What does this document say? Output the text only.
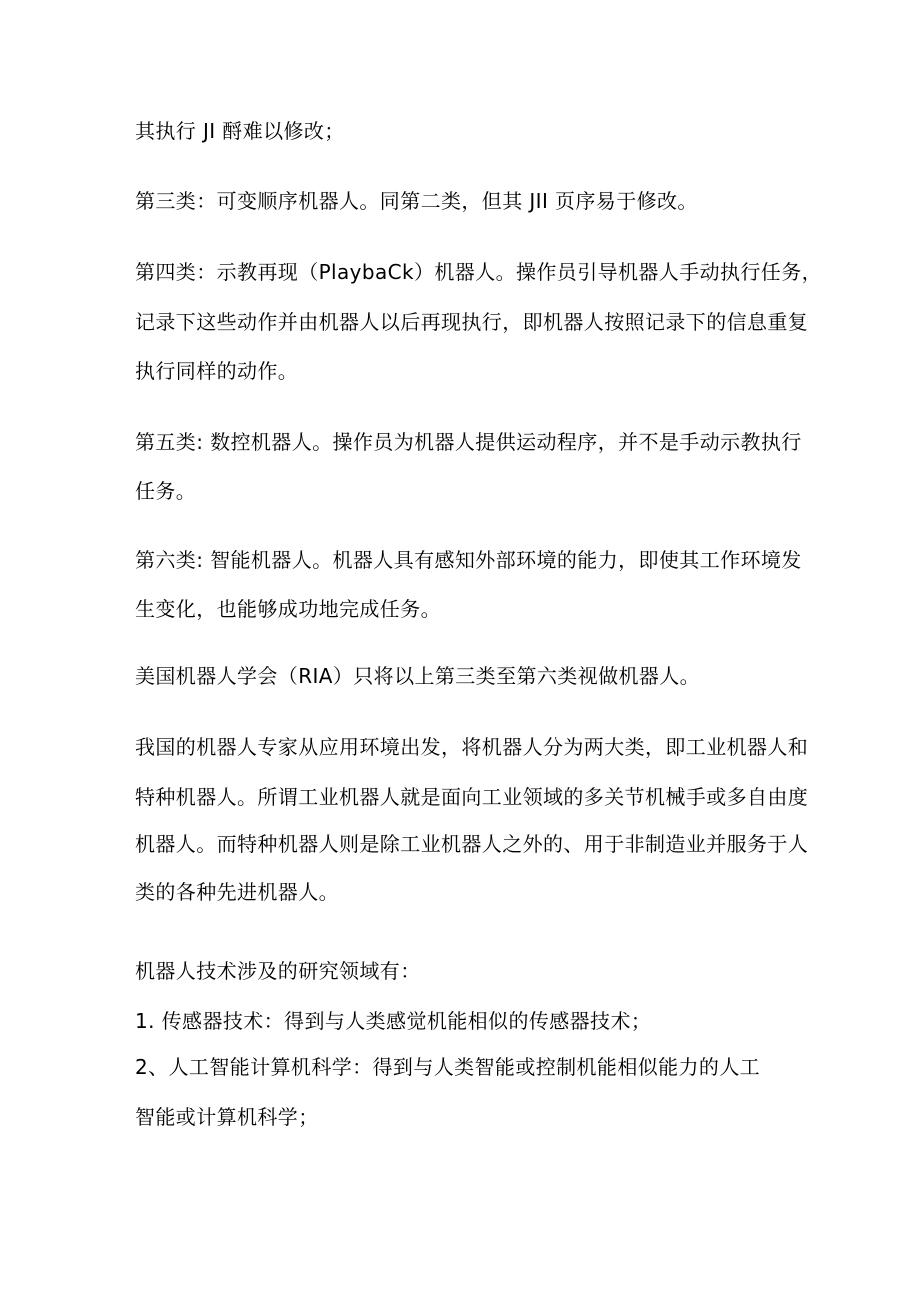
其执行 JI 酹难以修改；
第三类：可变顺序机器人。同第二类，但其 JII 页序易于修改。
第四类：示教再现（PlaybaCk）机器人。操作员引导机器人手动执行任务，
记录下这些动作并由机器人以后再现执行，即机器人按照记录下的信息重复
执行同样的动作。
第五类: 数控机器人。操作员为机器人提供运动程序，并不是手动示教执行
任务。
第六类: 智能机器人。机器人具有感知外部环境的能力，即使其工作环境发
生变化，也能够成功地完成任务。
美国机器人学会（RIA）只将以上第三类至第六类视做机器人。
我国的机器人专家从应用环境出发，将机器人分为两大类，即工业机器人和
特种机器人。所谓工业机器人就是面向工业领域的多关节机械手或多自由度
机器人。而特种机器人则是除工业机器人之外的、用于非制造业并服务于人
类的各种先进机器人。
机器人技术涉及的研究领域有：
1. 传感器技术：得到与人类感觉机能相似的传感器技术；
2、人工智能计算机科学：得到与人类智能或控制机能相似能力的人工
智能或计算机科学；
